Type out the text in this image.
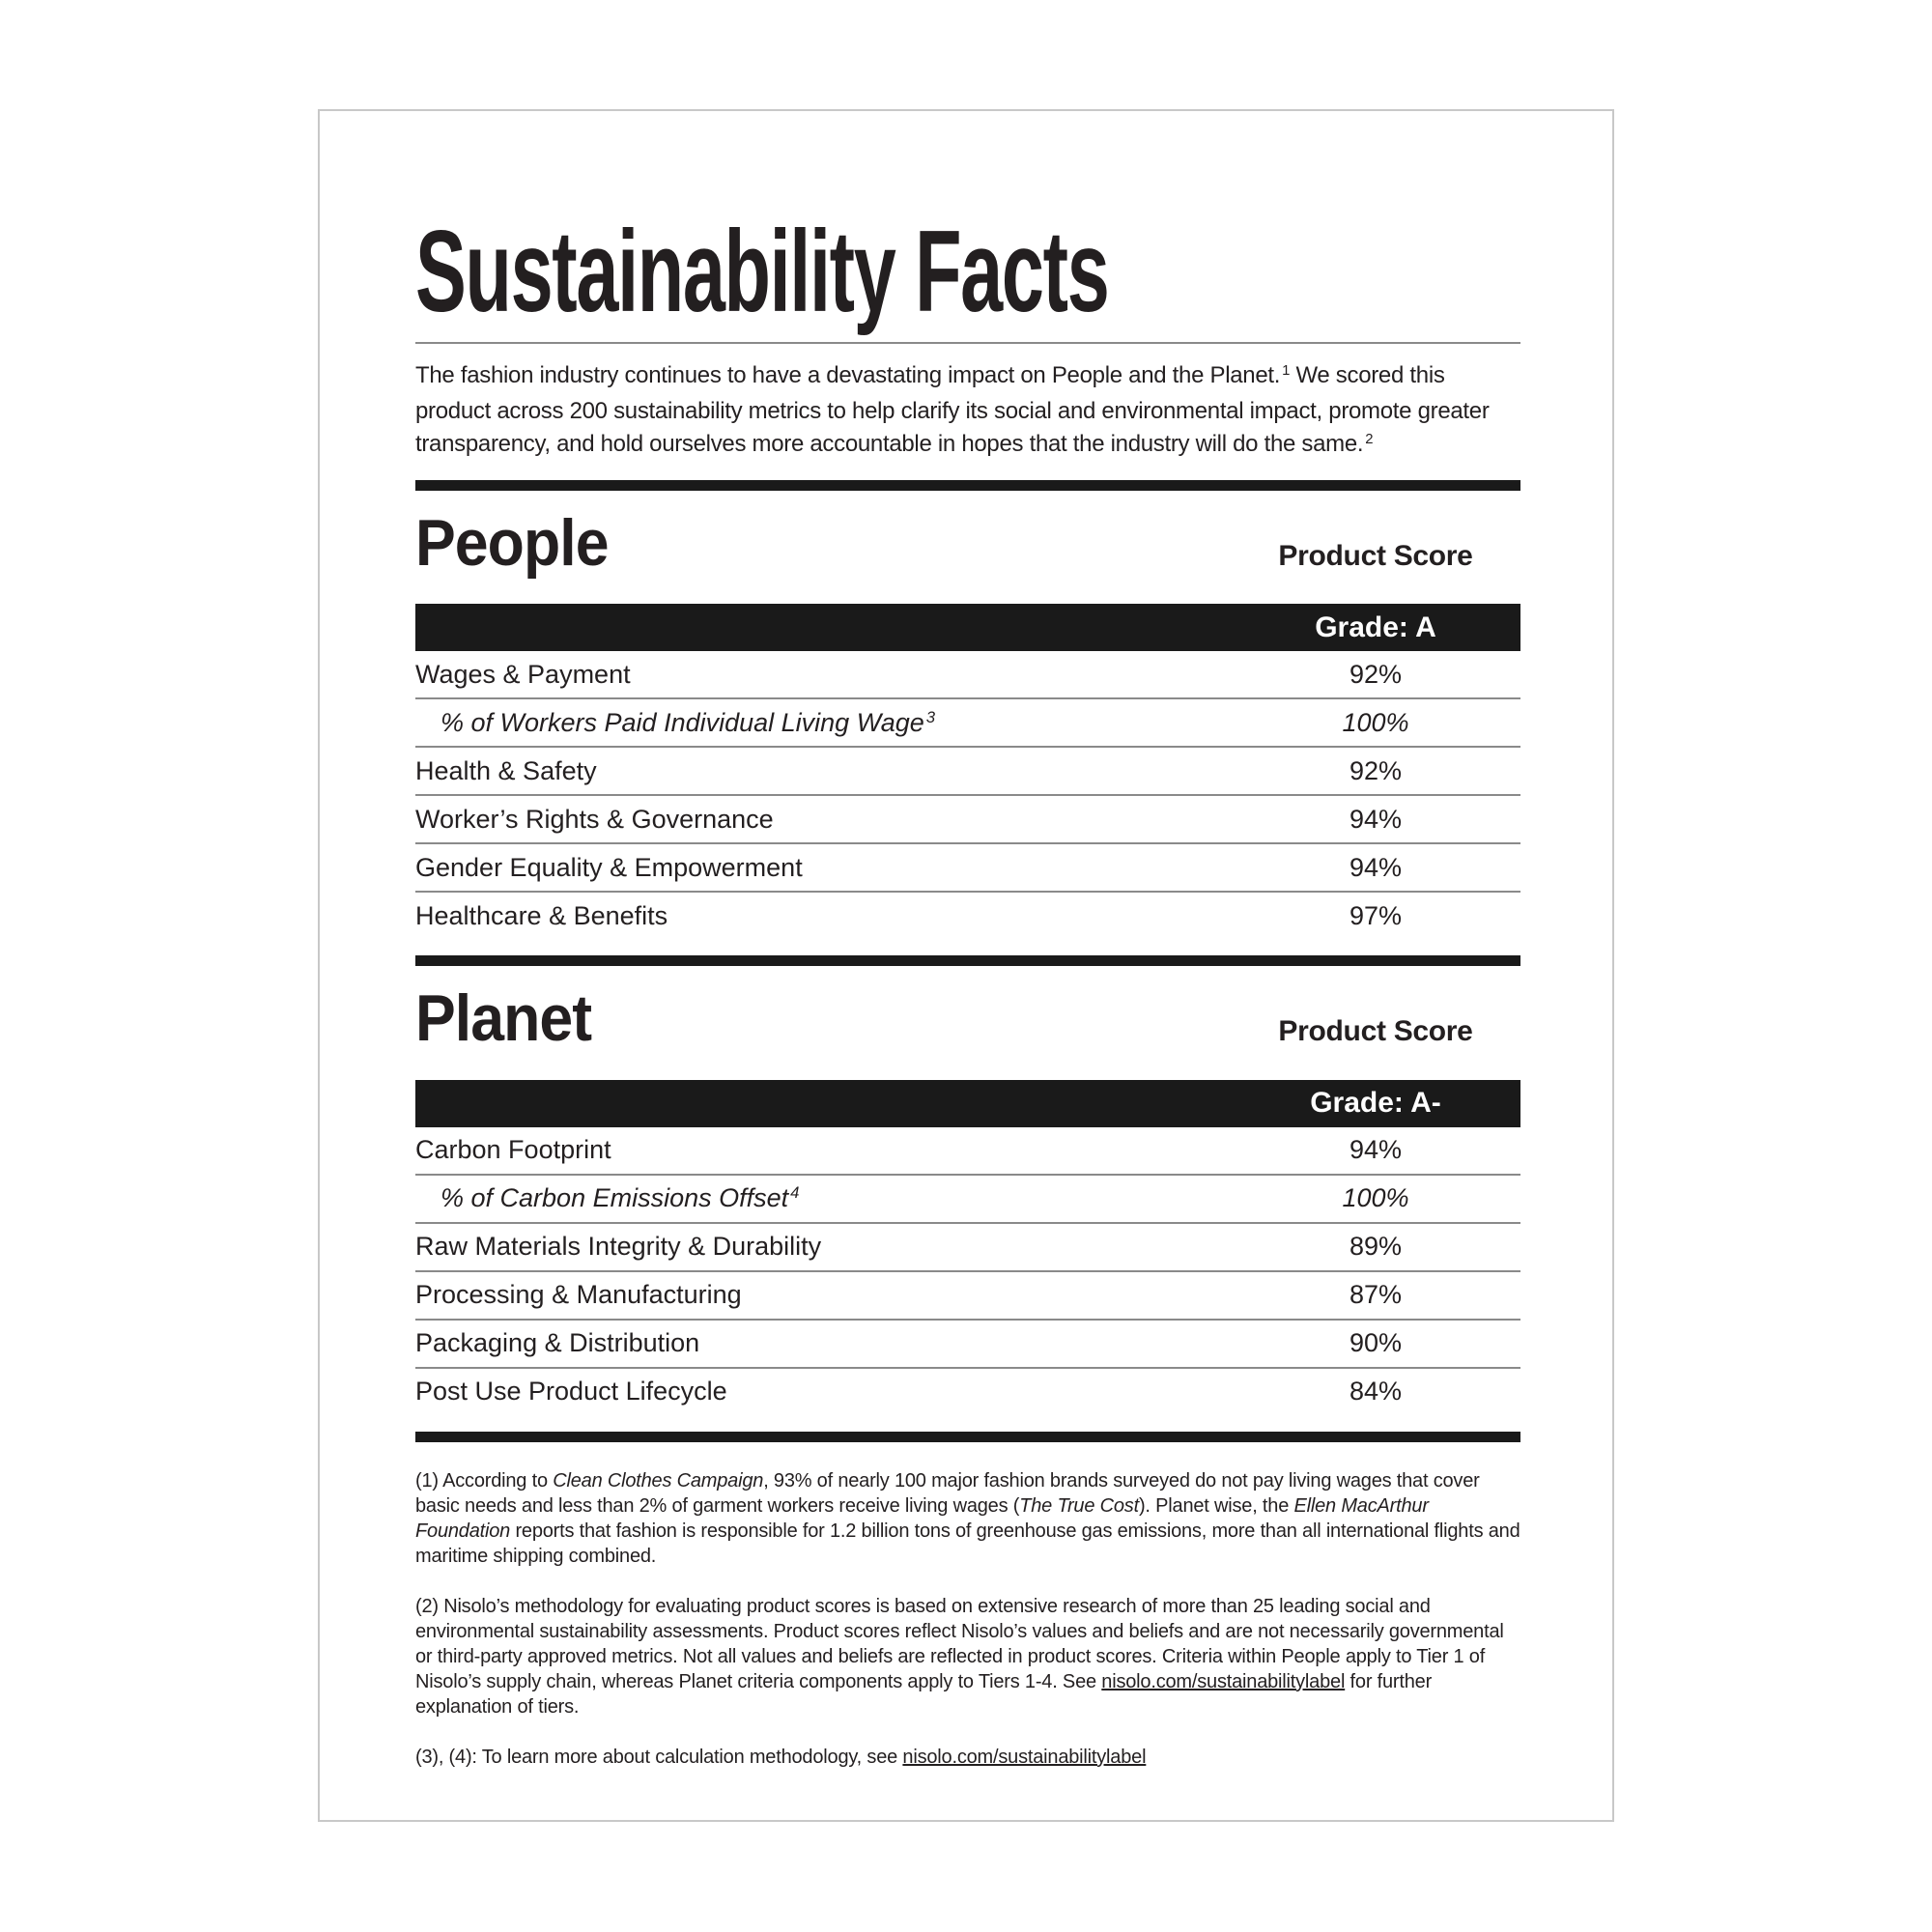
Sustainability Facts

The fashion industry continues to have a devastating impact on People and the Planet. $^1$ We scored this product across 200 sustainability metrics to help clarify its social and environmental impact, promote greater transparency, and hold ourselves more accountable in hopes that the industry will do the same. $^2$

People	Product Score
Grade: A
Wages & Payment	92%
% of Workers Paid Individual Living Wage $^3$	100%
Health & Safety	92%
Worker’s Rights & Governance	94%
Gender Equality & Empowerment	94%
Healthcare & Benefits	97%
Planet	Product Score
Grade: A-
Carbon Footprint	94%
% of Carbon Emissions Offset $^4$	100%
Raw Materials Integrity & Durability	89%
Processing & Manufacturing	87%
Packaging & Distribution	90%
Post Use Product Lifecycle	84%

(1) According to Clean Clothes Campaign, 93% of nearly 100 major fashion brands surveyed do not pay living wages that cover basic needs and less than 2% of garment workers receive living wages (The True Cost). Planet wise, the Ellen MacArthur Foundation reports that fashion is responsible for 1.2 billion tons of greenhouse gas emissions, more than all international flights and maritime shipping combined.

(2) Nisolo’s methodology for evaluating product scores is based on extensive research of more than 25 leading social and environmental sustainability assessments. Product scores reflect Nisolo’s values and beliefs and are not necessarily governmental or third-party approved metrics. Not all values and beliefs are reflected in product scores. Criteria within People apply to Tier 1 of Nisolo’s supply chain, whereas Planet criteria components apply to Tiers 1-4. See nisolo.com/sustainabilitylabel for further explanation of tiers.

(3), (4): To learn more about calculation methodology, see nisolo.com/sustainabilitylabel
